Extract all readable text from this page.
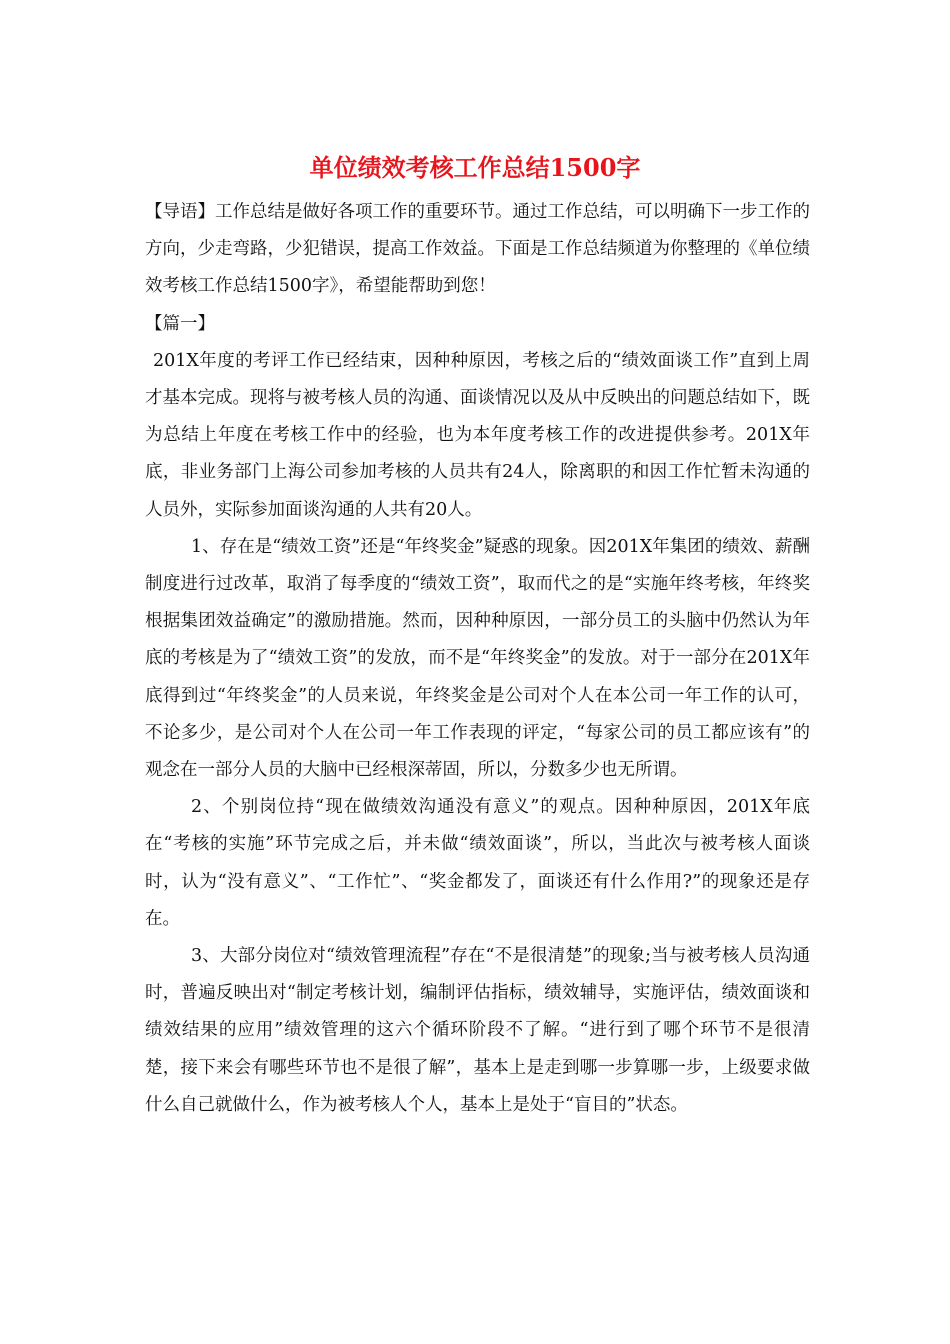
单位绩效考核工作总结1500字

【导语】工作总结是做好各项工作的重要环节。通过工作总结，可以明确下一步工作的方向，少走弯路，少犯错误，提高工作效益。下面是工作总结频道为你整理的《单位绩效考核工作总结1500字》，希望能帮助到您！

【篇一】

201X年度的考评工作已经结束，因种种原因，考核之后的“绩效面谈工作”直到上周才基本完成。现将与被考核人员的沟通、面谈情况以及从中反映出的问题总结如下，既为总结上年度在考核工作中的经验，也为本年度考核工作的改进提供参考。201X年底，非业务部门上海公司参加考核的人员共有24人，除离职的和因工作忙暂未沟通的人员外，实际参加面谈沟通的人共有20人。

1、存在是“绩效工资”还是“年终奖金”疑惑的现象。因201X年集团的绩效、薪酬制度进行过改革，取消了每季度的“绩效工资”，取而代之的是“实施年终考核，年终奖根据集团效益确定”的激励措施。然而，因种种原因，一部分员工的头脑中仍然认为年底的考核是为了“绩效工资”的发放，而不是“年终奖金”的发放。对于一部分在201X年底得到过“年终奖金”的人员来说，年终奖金是公司对个人在本公司一年工作的认可，不论多少，是公司对个人在公司一年工作表现的评定，“每家公司的员工都应该有”的观念在一部分人员的大脑中已经根深蒂固，所以，分数多少也无所谓。

2、个别岗位持“现在做绩效沟通没有意义”的观点。因种种原因，201X年底在“考核的实施”环节完成之后，并未做“绩效面谈”，所以，当此次与被考核人面谈时，认为“没有意义”、“工作忙”、“奖金都发了，面谈还有什么作用?”的现象还是存在。

3、大部分岗位对“绩效管理流程”存在“不是很清楚”的现象;当与被考核人员沟通时，普遍反映出对“制定考核计划，编制评估指标，绩效辅导，实施评估，绩效面谈和绩效结果的应用”绩效管理的这六个循环阶段不了解。“进行到了哪个环节不是很清楚，接下来会有哪些环节也不是很了解”，基本上是走到哪一步算哪一步，上级要求做什么自己就做什么，作为被考核人个人，基本上是处于“盲目的”状态。
